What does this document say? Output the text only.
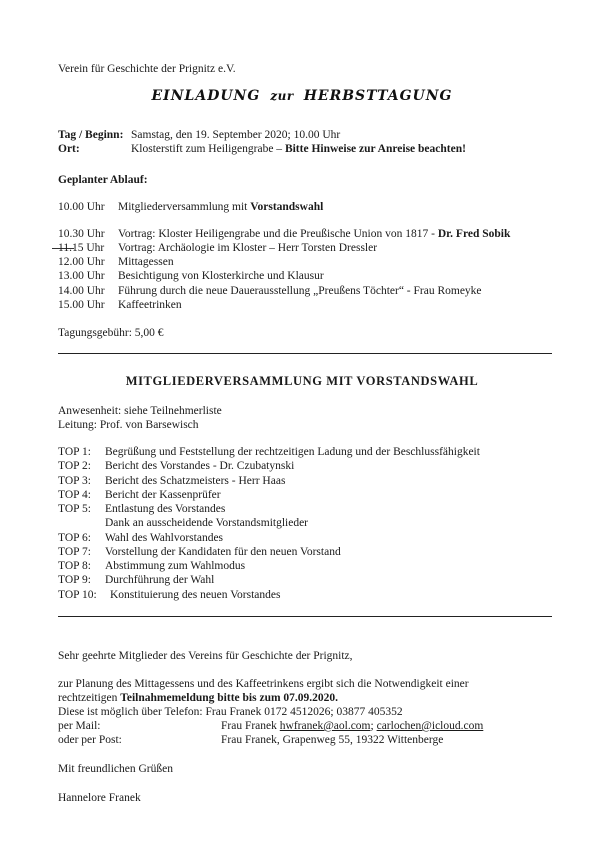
Verein für Geschichte der Prignitz e.V.
EINLADUNG zur HERBSTTAGUNG
Tag / Beginn: Samstag, den 19. September 2020; 10.00 Uhr
Ort:	Klosterstift zum Heiligengrabe – Bitte Hinweise zur Anreise beachten!
Geplanter Ablauf:
10.00 Uhr Mitgliederversammlung mit Vorstandswahl
10.30 Uhr Vortrag: Kloster Heiligengrabe und die Preußische Union von 1817 - Dr. Fred Sobik
11.15 Uhr Vortrag: Archäologie im Kloster – Herr Torsten Dressler
12.00 Uhr Mittagessen
13.00 Uhr Besichtigung von Klosterkirche und Klausur
14.00 Uhr Führung durch die neue Dauerausstellung „Preußens Töchter“ - Frau Romeyke
15.00 Uhr Kaffeetrinken
Tagungsgebühr: 5,00 €
MITGLIEDERVERSAMMLUNG MIT VORSTANDSWAHL
Anwesenheit: siehe Teilnehmerliste
Leitung: Prof. von Barsewisch
TOP 1: Begrüßung und Feststellung der rechtzeitigen Ladung und der Beschlussfähigkeit
TOP 2: Bericht des Vorstandes - Dr. Czubatynski
TOP 3: Bericht des Schatzmeisters - Herr Haas
TOP 4: Bericht der Kassenprüfer
TOP 5: Entlastung des Vorstandes
Dank an ausscheidende Vorstandsmitglieder
TOP 6: Wahl des Wahlvorstandes
TOP 7: Vorstellung der Kandidaten für den neuen Vorstand
TOP 8: Abstimmung zum Wahlmodus
TOP 9: Durchführung der Wahl
TOP 10: Konstituierung des neuen Vorstandes
Sehr geehrte Mitglieder des Vereins für Geschichte der Prignitz,
zur Planung des Mittagessens und des Kaffeetrinkens ergibt sich die Notwendigkeit einer
rechtzeitigen Teilnahmemeldung bitte bis zum 07.09.2020.
Diese ist möglich über Telefon: Frau Franek 0172 4512026; 03877 405352
per Mail:	Frau Franek hwfranek@aol.com; carlochen@icloud.com
oder per Post:	Frau Franek, Grapenweg 55, 19322 Wittenberge
Mit freundlichen Grüßen
Hannelore Franek
